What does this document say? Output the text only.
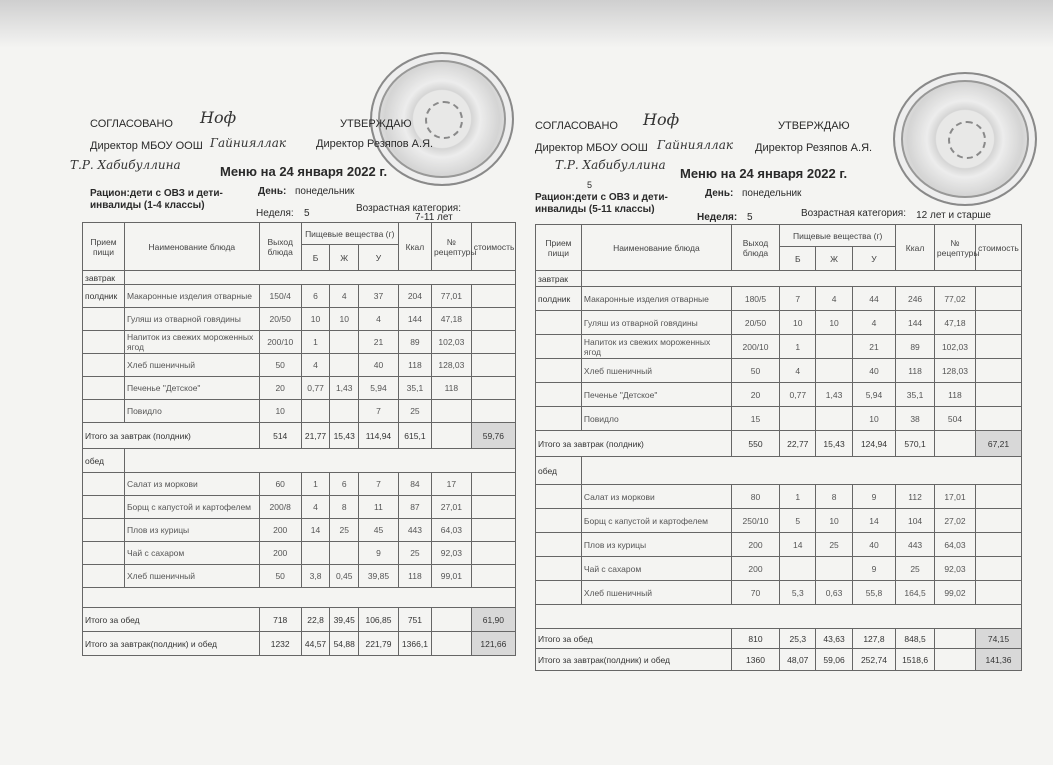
СОГЛАСОВАНО Ноф	УТВЕРЖДАЮ
Директор МБОУ ООШ Гайнияллак	Директор Резяпов А.Я.
Т.Р. Хабибуллина	Меню на 24 января 2022 г.
Рацион:дети с ОВЗ и дети-инвалиды (1-4 классы)
День: понедельник
Неделя: 5	Возрастная категория:
7-11 лет
Прием пищи	Наименование блюда	Выход блюда	Пищевые вещества (г)			Ккал	№ рецептуры	стоимость
			Б	Ж	У			
завтрак								
полдник	Макаронные изделия отварные	150/4	6	4	37	204	77,01	
	Гуляш из отварной говядины	20/50	10	10	4	144	47,18	
	Напиток из свежих мороженных ягод	200/10	1		21	89	102,03	
	Хлеб пшеничный	50	4		40	118	128,03	
	Печенье "Детское"	20	0,77	1,43	5,94	35,1	118	
	Повидло	10			7	25		
Итого за завтрак (полдник)		514	21,77	15,43	114,94	615,1		59,76
обед								
	Салат из моркови	60	1	6	7	84	17	
	Борщ с капустой и картофелем	200/8	4	8	11	87	27,01	
	Плов из курицы	200	14	25	45	443	64,03	
	Чай с сахаром	200			9	25	92,03	
	Хлеб пшеничный	50	3,8	0,45	39,85	118	99,01	

Итого за обед		718	22,8	39,45	106,85	751		61,90
Итого за завтрак(полдник) и обед		1232	44,57	54,88	221,79	1366,1		121,66
СОГЛАСОВАНО Ноф	УТВЕРЖДАЮ
Директор МБОУ ООШ Гайнияллак Директор Резяпов А.Я.
Т.Р. Хабибуллина
Меню на 24 января 2022 г.
5
Рацион:дети с ОВЗ и дети-инвалиды (5-11 классы)
День: понедельник
Неделя: 5	Возрастная категория:	12 лет и старше
Прием пищи	Наименование блюда	Выход блюда	Пищевые вещества (г)			Ккал	№ рецептуры	стоимость
			Б	Ж	У			
завтрак								
полдник	Макаронные изделия отварные	180/5	7	4	44	246	77,02	
	Гуляш из отварной говядины	20/50	10	10	4	144	47,18	
	Напиток из свежих мороженных ягод	200/10	1		21	89	102,03	
	Хлеб пшеничный	50	4		40	118	128,03	
	Печенье "Детское"	20	0,77	1,43	5,94	35,1	118	
	Повидло	15			10	38	504	
Итого за завтрак (полдник)		550	22,77	15,43	124,94	570,1		67,21
обед								
	Салат из моркови	80	1	8	9	112	17,01	
	Борщ с капустой и картофелем	250/10	5	10	14	104	27,02	
	Плов из курицы	200	14	25	40	443	64,03	
	Чай с сахаром	200			9	25	92,03	
	Хлеб пшеничный	70	5,3	0,63	55,8	164,5	99,02	

Итого за обед		810	25,3	43,63	127,8	848,5		74,15
Итого за завтрак(полдник) и обед		1360	48,07	59,06	252,74	1518,6		141,36
